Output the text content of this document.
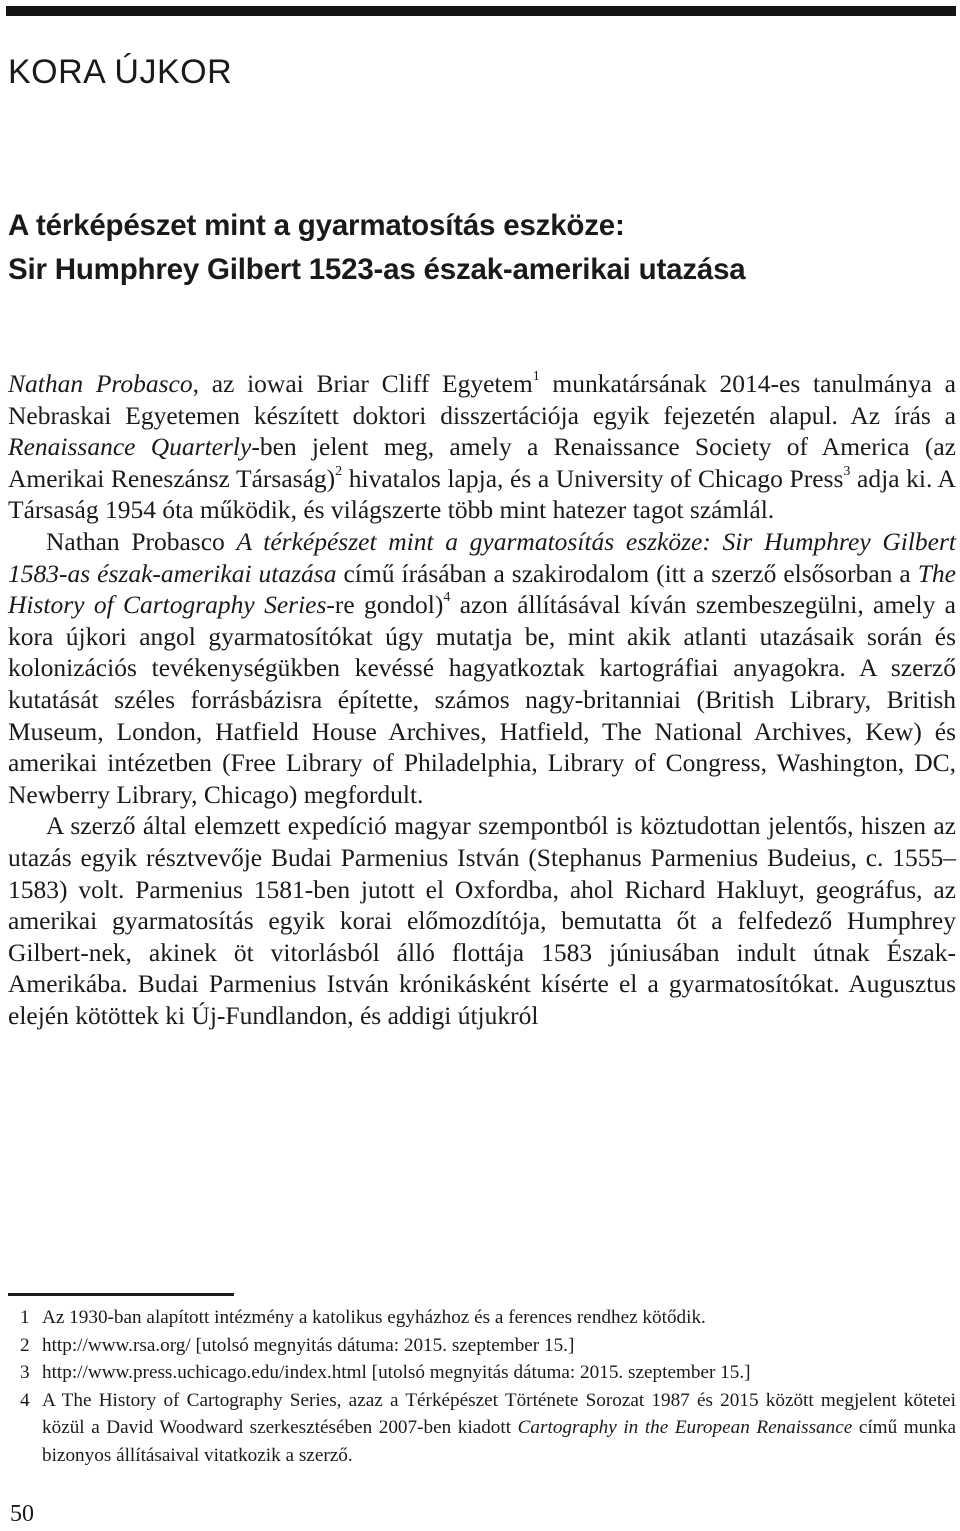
KORA ÚJKOR
A térképészet mint a gyarmatosítás eszköze:
Sir Humphrey Gilbert 1523-as észak-amerikai utazása

Nathan Probasco, az iowai Briar Cliff Egyetem$^1$ munkatársának 2014-es tanulmánya a Nebraskai Egyetemen készített doktori disszertációja egyik fejezetén alapul. Az írás a Renaissance Quarterly-ben jelent meg, amely a Renaissance Society of America (az Amerikai Reneszánsz Társaság)$^2$ hivatalos lapja, és a University of Chicago Press$^3$ adja ki. A Társaság 1954 óta működik, és világszerte több mint hatezer tagot számlál.

Nathan Probasco A térképészet mint a gyarmatosítás eszköze: Sir Humphrey Gilbert 1583-as észak-amerikai utazása című írásában a szakirodalom (itt a szerző elsősorban a The History of Cartography Series-re gondol)$^4$ azon állításával kíván szembeszegülni, amely a kora újkori angol gyarmatosítókat úgy mutatja be, mint akik atlanti utazásaik során és kolonizációs tevékenységükben kevéssé hagyatkoztak kartográfiai anyagokra. A szerző kutatását széles forrásbázisra építette, számos nagy-britanniai (British Library, British Museum, London, Hatfield House Archives, Hatfield, The National Archives, Kew) és amerikai intézetben (Free Library of Philadelphia, Library of Congress, Washington, DC, Newberry Library, Chicago) megfordult.

A szerző által elemzett expedíció magyar szempontból is köztudottan jelentős, hiszen az utazás egyik résztvevője Budai Parmenius István (Stephanus Parmenius Budeius, c. 1555–1583) volt. Parmenius 1581-ben jutott el Oxfordba, ahol Richard Hakluyt, geográfus, az amerikai gyarmatosítás egyik korai előmozdítója, bemutatta őt a felfedező Humphrey Gilbert-nek, akinek öt vitorlásból álló flottája 1583 júniusában indult útnak Észak-Amerikába. Budai Parmenius István krónikásként kísérte el a gyarmatosítókat. Augusztus elején kötöttek ki Új-Fundlandon, és addigi útjukról

1 Az 1930-ban alapított intézmény a katolikus egyházhoz és a ferences rendhez kötődik.
2 http://www.rsa.org/ [utolsó megnyitás dátuma: 2015. szeptember 15.]
3 http://www.press.uchicago.edu/index.html [utolsó megnyitás dátuma: 2015. szeptember 15.]
4 A The History of Cartography Series, azaz a Térképészet Története Sorozat 1987 és 2015 között megjelent kötetei közül a David Woodward szerkesztésében 2007-ben kiadott Cartography in the European Renaissance című munka bizonyos állításaival vitatkozik a szerző.
50
